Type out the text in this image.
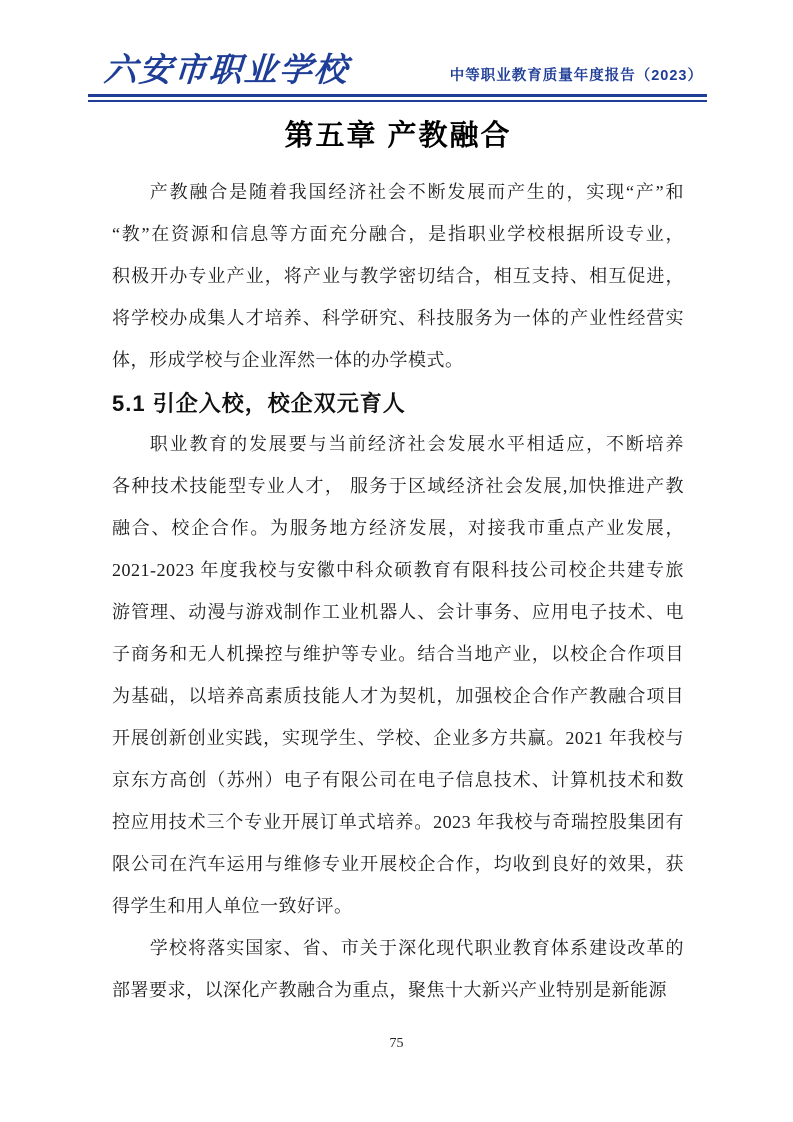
六安市职业学校	中等职业教育质量年度报告（2023）
第五章 产教融合
产教融合是随着我国经济社会不断发展而产生的，实现“产”和
“教”在资源和信息等方面充分融合，是指职业学校根据所设专业，
积极开办专业产业，将产业与教学密切结合，相互支持、相互促进，
将学校办成集人才培养、科学研究、科技服务为一体的产业性经营实
体，形成学校与企业浑然一体的办学模式。
5.1 引企入校，校企双元育人
职业教育的发展要与当前经济社会发展水平相适应，不断培养
各种技术技能型专业人才， 服务于区域经济社会发展,加快推进产教
融合、校企合作。为服务地方经济发展，对接我市重点产业发展，
2021-2023 年度我校与安徽中科众硕教育有限科技公司校企共建专旅
游管理、动漫与游戏制作工业机器人、会计事务、应用电子技术、电
子商务和无人机操控与维护等专业。结合当地产业，以校企合作项目
为基础，以培养高素质技能人才为契机，加强校企合作产教融合项目
开展创新创业实践，实现学生、学校、企业多方共赢。2021 年我校与
京东方高创（苏州）电子有限公司在电子信息技术、计算机技术和数
控应用技术三个专业开展订单式培养。2023 年我校与奇瑞控股集团有
限公司在汽车运用与维修专业开展校企合作，均收到良好的效果，获
得学生和用人单位一致好评。
学校将落实国家、省、市关于深化现代职业教育体系建设改革的
部署要求，以深化产教融合为重点，聚焦十大新兴产业特别是新能源
75
